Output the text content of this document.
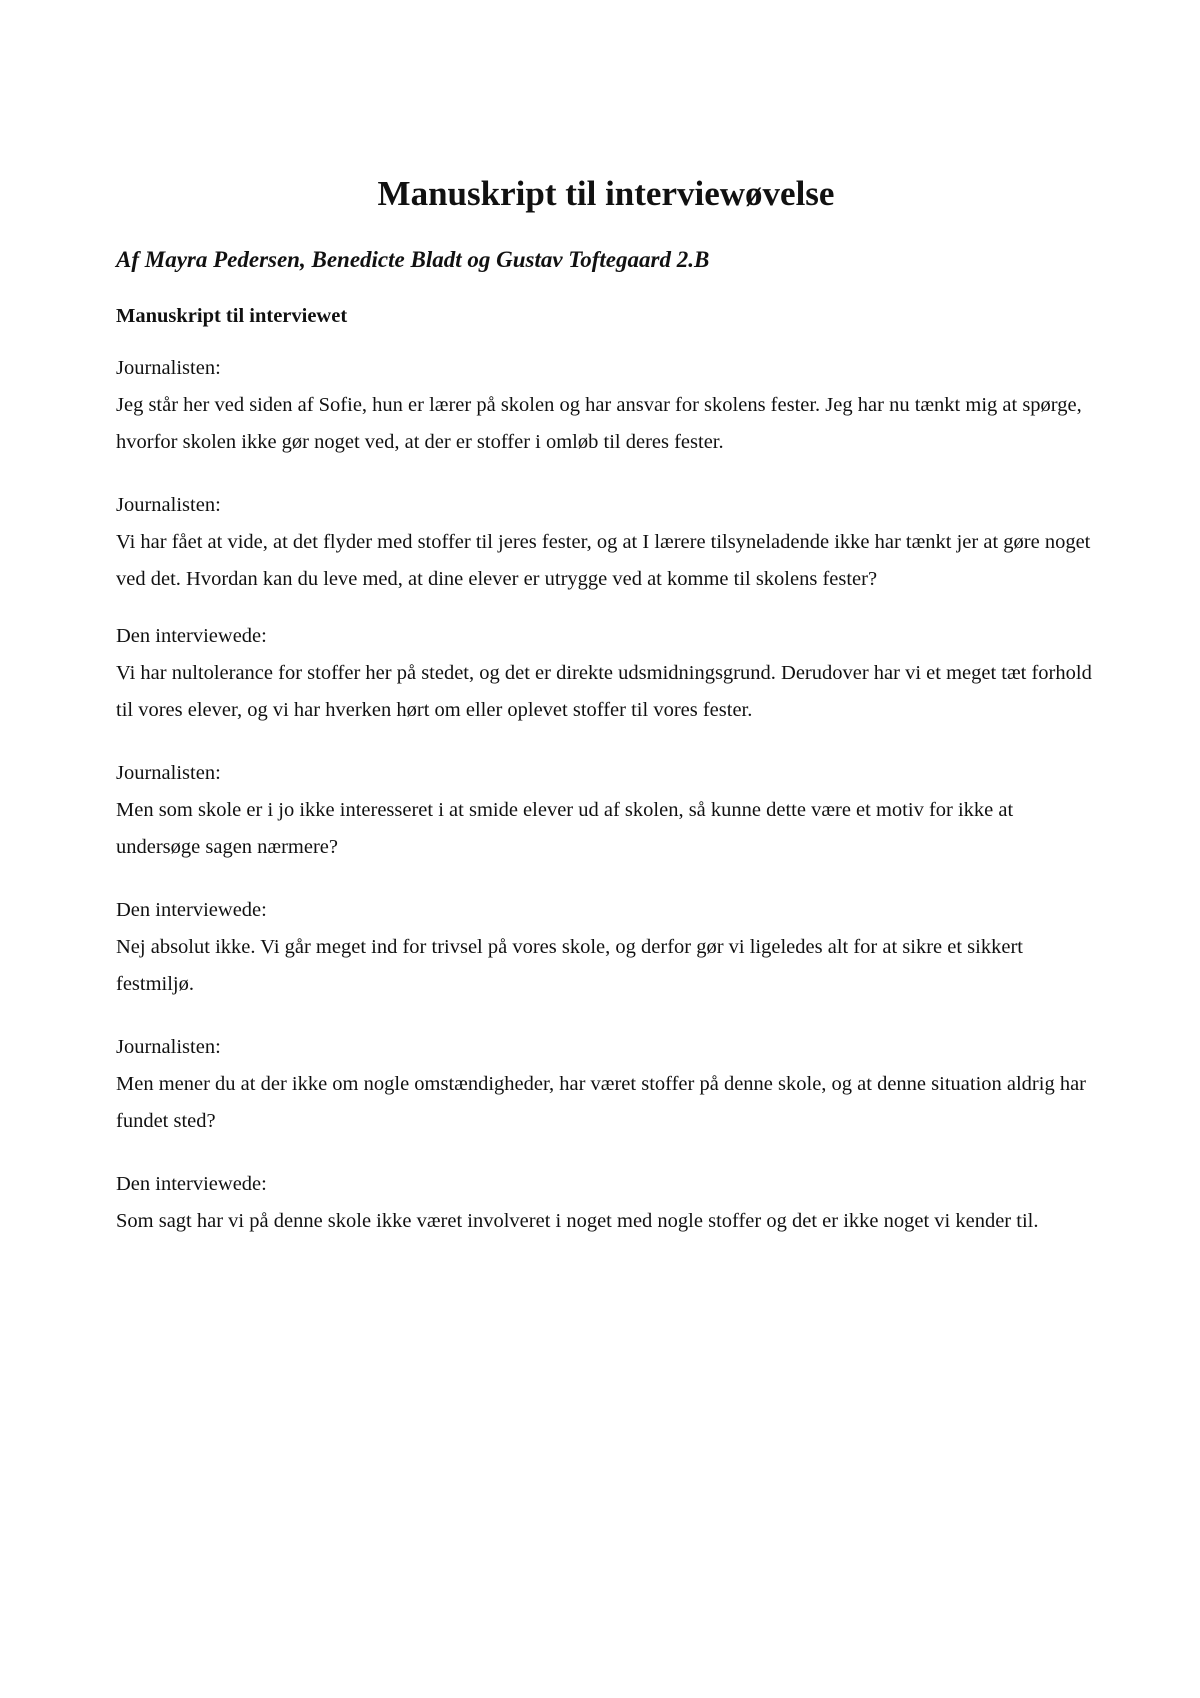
Manuskript til interviewøvelse
Af Mayra Pedersen, Benedicte Bladt og Gustav Toftegaard 2.B
Manuskript til interviewet
Journalisten:
Jeg står her ved siden af Sofie, hun er lærer på skolen og har ansvar for skolens fester. Jeg har nu tænkt mig at spørge, hvorfor skolen ikke gør noget ved, at der er stoffer i omløb til deres fester.
Journalisten:
Vi har fået at vide, at det flyder med stoffer til jeres fester, og at I lærere tilsyneladende ikke har tænkt jer at gøre noget ved det. Hvordan kan du leve med, at dine elever er utrygge ved at komme til skolens fester?
Den interviewede:
Vi har nultolerance for stoffer her på stedet, og det er direkte udsmidningsgrund. Derudover har vi et meget tæt forhold til vores elever, og vi har hverken hørt om eller oplevet stoffer til vores fester.
Journalisten:
Men som skole er i jo ikke interesseret i at smide elever ud af skolen, så kunne dette være et motiv for ikke at undersøge sagen nærmere?
Den interviewede:
Nej absolut ikke. Vi går meget ind for trivsel på vores skole, og derfor gør vi ligeledes alt for at sikre et sikkert festmiljø.
Journalisten:
Men mener du at der ikke om nogle omstændigheder, har været stoffer på denne skole, og at denne situation aldrig har fundet sted?
Den interviewede:
Som sagt har vi på denne skole ikke været involveret i noget med nogle stoffer og det er ikke noget vi kender til.
